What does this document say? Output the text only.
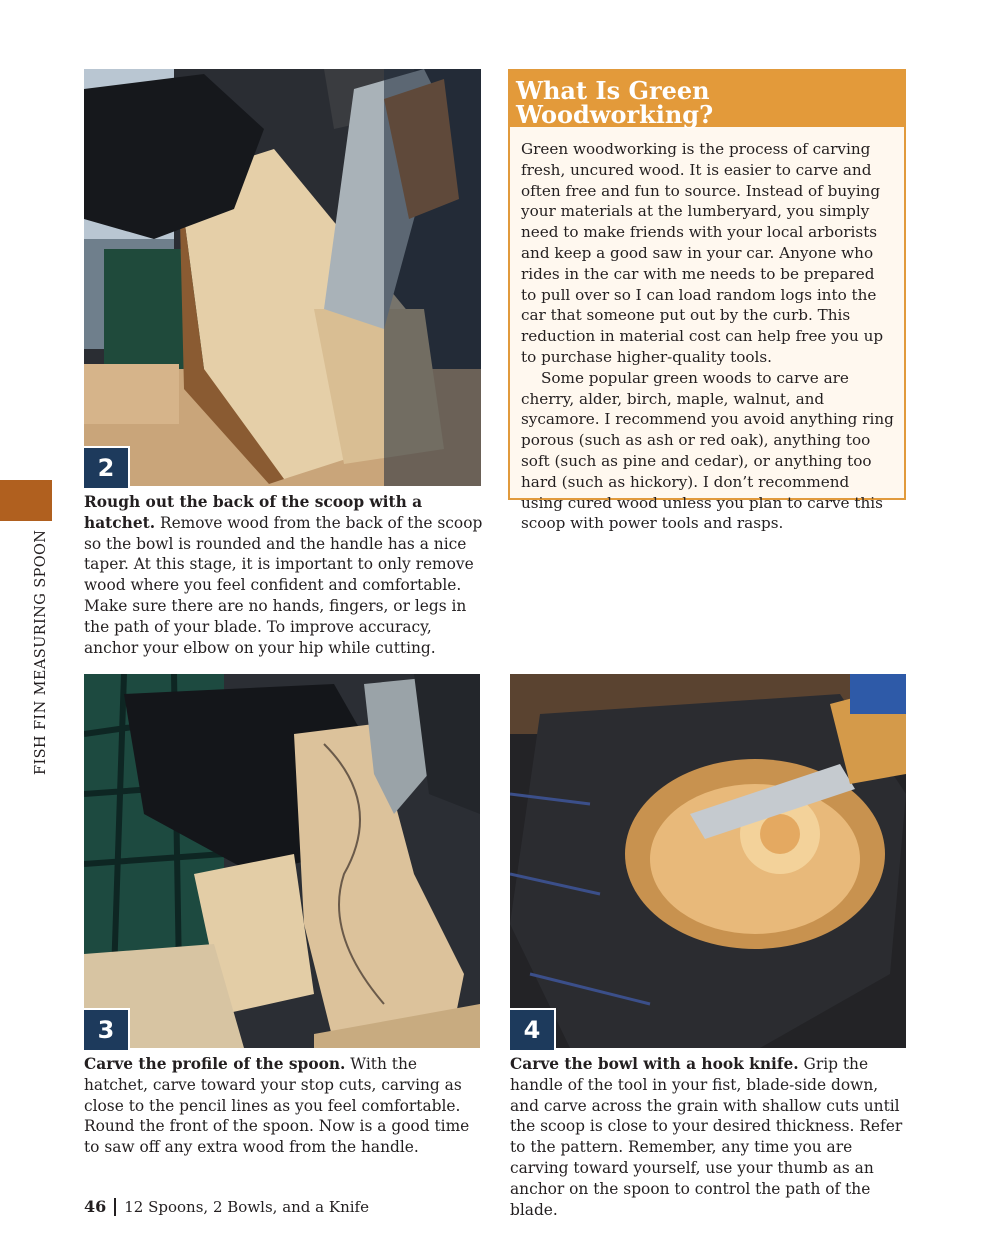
2
Rough out the back of the scoop with a hatchet. Remove wood from the back of the scoop so the bowl is rounded and the handle has a nice taper. At this stage, it is important to only remove wood where you feel confident and comfortable. Make sure there are no hands, fingers, or legs in the path of your blade. To improve accuracy, anchor your elbow on your hip while cutting.
What Is Green
Woodworking?

Green woodworking is the process of carving fresh, uncured wood. It is easier to carve and often free and fun to source. Instead of buying your materials at the lumberyard, you simply need to make friends with your local arborists and keep a good saw in your car. Anyone who rides in the car with me needs to be prepared to pull over so I can load random logs into the car that someone put out by the curb. This reduction in material cost can help free you up to purchase higher-quality tools.

Some popular green woods to carve are cherry, alder, birch, maple, walnut, and sycamore. I recommend you avoid anything ring porous (such as ash or red oak), anything too soft (such as pine and cedar), or anything too hard (such as hickory). I don’t recommend using cured wood unless you plan to carve this scoop with power tools and rasps.

FISH FIN MEASURING SPOON
3
Carve the profile of the spoon. With the hatchet, carve toward your stop cuts, carving as close to the pencil lines as you feel comfortable. Round the front of the spoon. Now is a good time to saw off any extra wood from the handle.
4
Carve the bowl with a hook knife. Grip the handle of the tool in your fist, blade-side down, and carve across the grain with shallow cuts until the scoop is close to your desired thickness. Refer to the pattern. Remember, any time you are carving toward yourself, use your thumb as an anchor on the spoon to control the path of the blade.
46 12 Spoons, 2 Bowls, and a Knife
